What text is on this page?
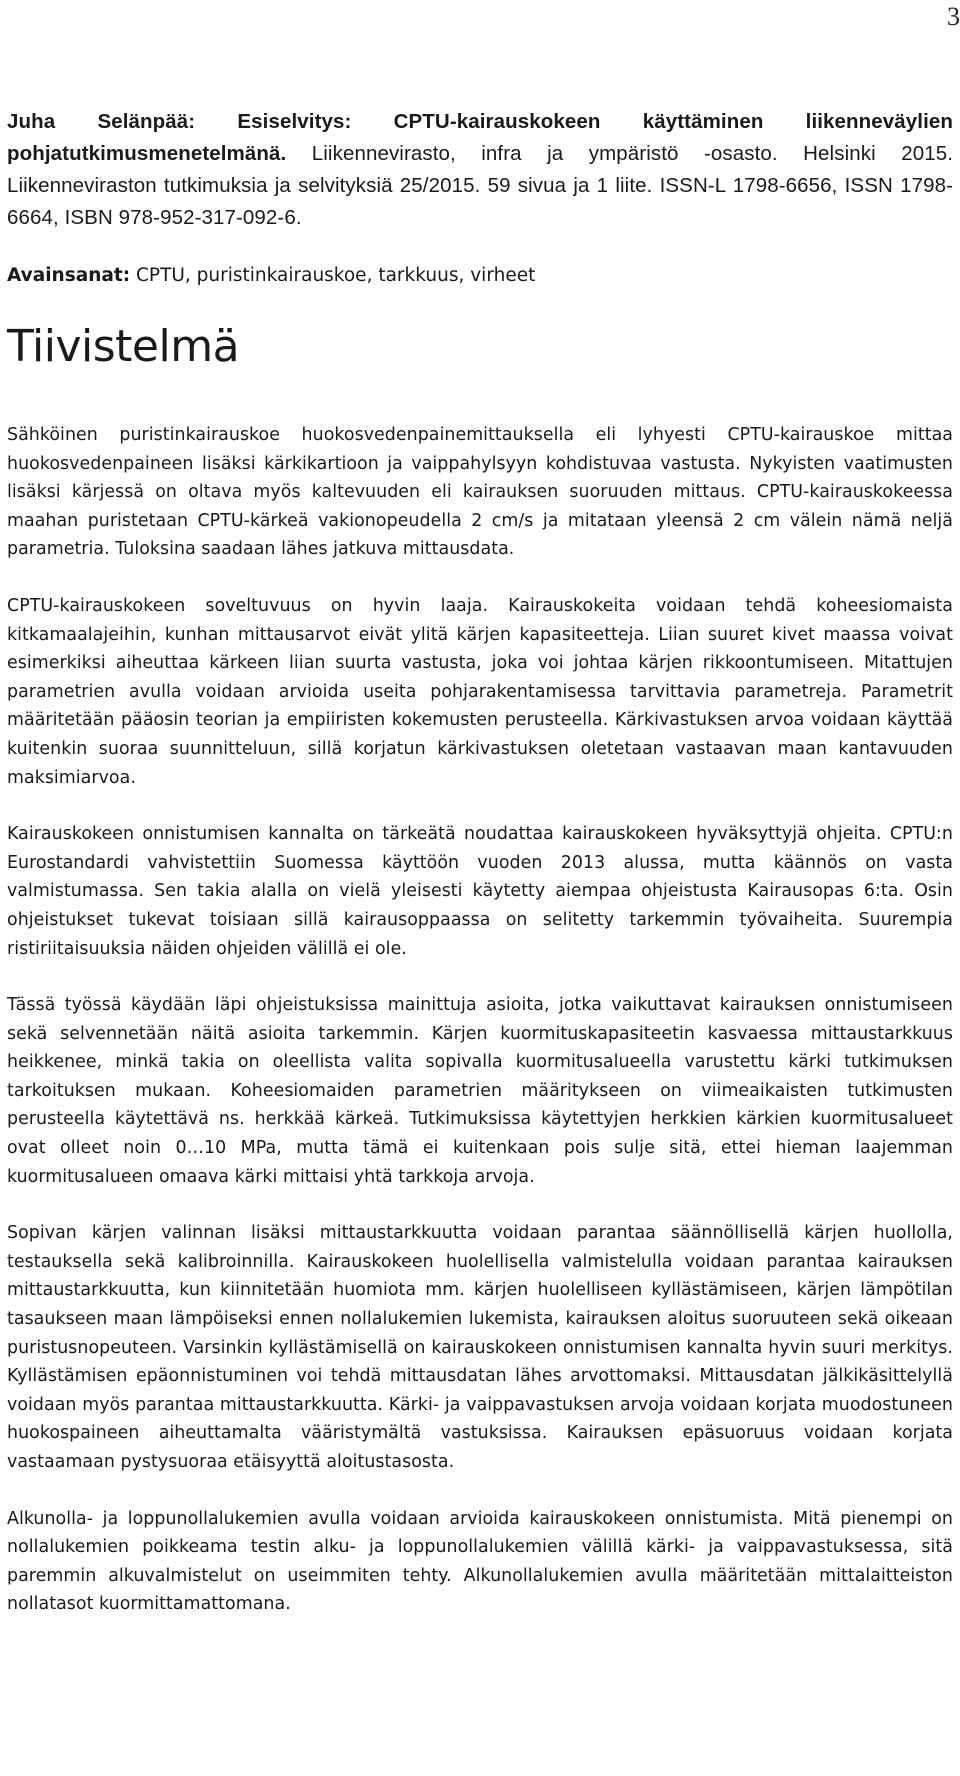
3

Juha Selänpää: Esiselvitys: CPTU-kairauskokeen käyttäminen liikenneväylien pohjatutkimusmenetelmänä. Liikennevirasto, infra ja ympäristö -osasto. Helsinki 2015. Liikenneviraston tutkimuksia ja selvityksiä 25/2015. 59 sivua ja 1 liite. ISSN-L 1798-6656, ISSN 1798-6664, ISBN 978-952-317-092-6.

Avainsanat: CPTU, puristinkairauskoe, tarkkuus, virheet

Tiivistelmä

Sähköinen puristinkairauskoe huokosvedenpainemittauksella eli lyhyesti CPTU-kairauskoe mittaa huokosvedenpaineen lisäksi kärkikartioon ja vaippahylsyyn kohdistuvaa vastusta. Nykyisten vaatimusten lisäksi kärjessä on oltava myös kaltevuuden eli kairauksen suoruuden mittaus. CPTU-kairauskokeessa maahan puristetaan CPTU-kärkeä vakionopeudella 2 cm/s ja mitataan yleensä 2 cm välein nämä neljä parametria. Tuloksina saadaan lähes jatkuva mittausdata.

CPTU-kairauskokeen soveltuvuus on hyvin laaja. Kairauskokeita voidaan tehdä koheesiomaista kitkamaalajeihin, kunhan mittausarvot eivät ylitä kärjen kapasiteetteja. Liian suuret kivet maassa voivat esimerkiksi aiheuttaa kärkeen liian suurta vastusta, joka voi johtaa kärjen rikkoontumiseen. Mitattujen parametrien avulla voidaan arvioida useita pohjarakentamisessa tarvittavia parametreja. Parametrit määritetään pääosin teorian ja empiiristen kokemusten perusteella. Kärkivastuksen arvoa voidaan käyttää kuitenkin suoraa suunnitteluun, sillä korjatun kärkivastuksen oletetaan vastaavan maan kantavuuden maksimiarvoa.

Kairauskokeen onnistumisen kannalta on tärkeätä noudattaa kairauskokeen hyväksyttyjä ohjeita. CPTU:n Eurostandardi vahvistettiin Suomessa käyttöön vuoden 2013 alussa, mutta käännös on vasta valmistumassa. Sen takia alalla on vielä yleisesti käytetty aiempaa ohjeistusta Kairausopas 6:ta. Osin ohjeistukset tukevat toisiaan sillä kairausoppaassa on selitetty tarkemmin työvaiheita. Suurempia ristiriitaisuuksia näiden ohjeiden välillä ei ole.

Tässä työssä käydään läpi ohjeistuksissa mainittuja asioita, jotka vaikuttavat kairauksen onnistumiseen sekä selvennetään näitä asioita tarkemmin. Kärjen kuormituskapasiteetin kasvaessa mittaustarkkuus heikkenee, minkä takia on oleellista valita sopivalla kuormitusalueella varustettu kärki tutkimuksen tarkoituksen mukaan. Koheesiomaiden parametrien määritykseen on viimeaikaisten tutkimusten perusteella käytettävä ns. herkkää kärkeä. Tutkimuksissa käytettyjen herkkien kärkien kuormitusalueet ovat olleet noin 0…10 MPa, mutta tämä ei kuitenkaan pois sulje sitä, ettei hieman laajemman kuormitusalueen omaava kärki mittaisi yhtä tarkkoja arvoja.

Sopivan kärjen valinnan lisäksi mittaustarkkuutta voidaan parantaa säännöllisellä kärjen huollolla, testauksella sekä kalibroinnilla. Kairauskokeen huolellisella valmistelulla voidaan parantaa kairauksen mittaustarkkuutta, kun kiinnitetään huomiota mm. kärjen huolelliseen kyllästämiseen, kärjen lämpötilan tasaukseen maan lämpöiseksi ennen nollalukemien lukemista, kairauksen aloitus suoruuteen sekä oikeaan puristusnopeuteen. Varsinkin kyllästämisellä on kairauskokeen onnistumisen kannalta hyvin suuri merkitys. Kyllästämisen epäonnistuminen voi tehdä mittausdatan lähes arvottomaksi. Mittausdatan jälkikäsittelyllä voidaan myös parantaa mittaustarkkuutta. Kärki- ja vaippavastuksen arvoja voidaan korjata muodostuneen huokospaineen aiheuttamalta vääristymältä vastuksissa. Kairauksen epäsuoruus voidaan korjata vastaamaan pystysuoraa etäisyyttä aloitustasosta.

Alkunolla- ja loppunollalukemien avulla voidaan arvioida kairauskokeen onnistumista. Mitä pienempi on nollalukemien poikkeama testin alku- ja loppunollalukemien välillä kärki- ja vaippavastuksessa, sitä paremmin alkuvalmistelut on useimmiten tehty. Alkunollalukemien avulla määritetään mittalaitteiston nollatasot kuormittamattomana.
